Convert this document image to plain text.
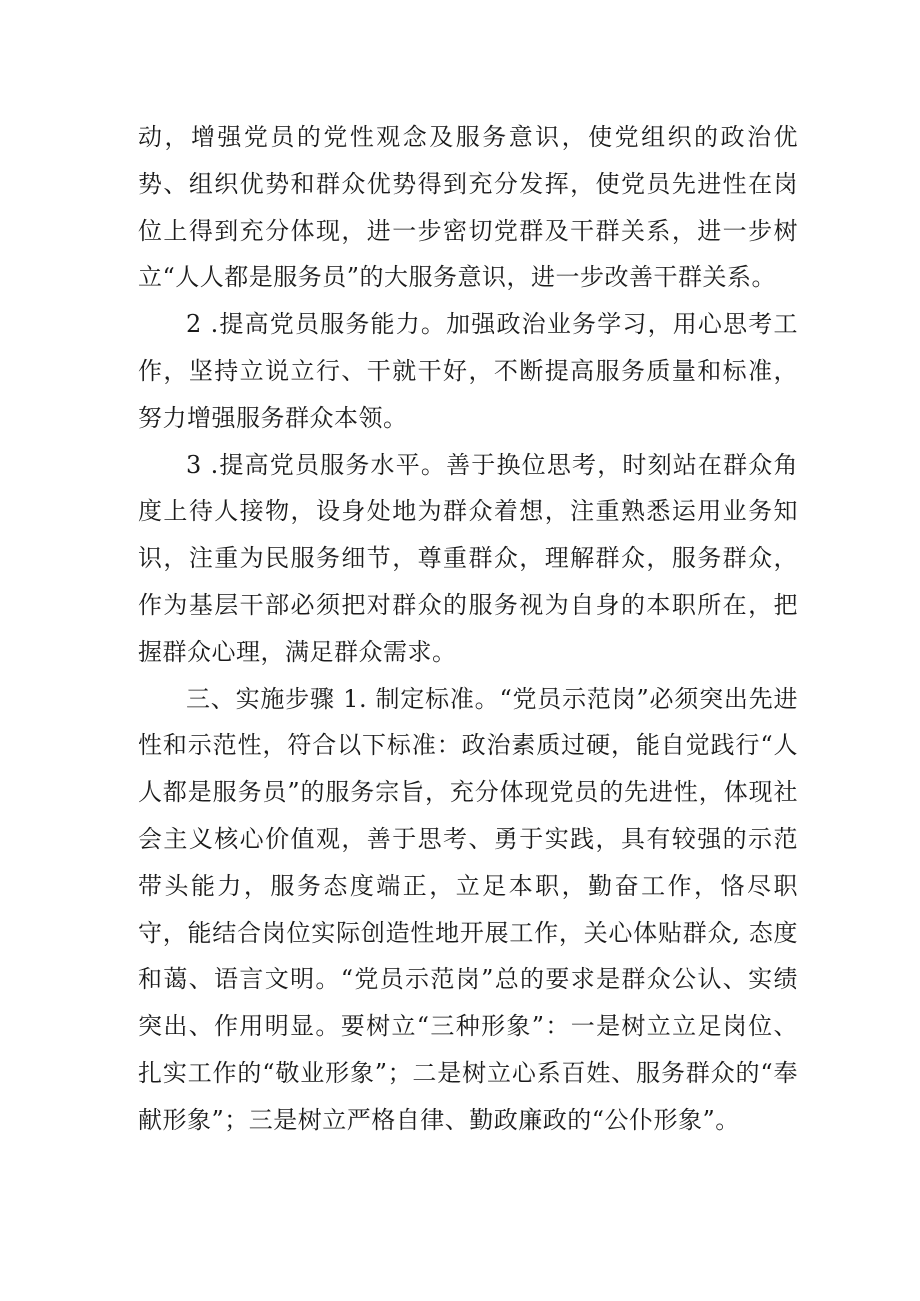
动，增强党员的党性观念及服务意识，使党组织的政治优势、组织优势和群众优势得到充分发挥，使党员先进性在岗位上得到充分体现，进一步密切党群及干群关系，进一步树立“人人都是服务员”的大服务意识，进一步改善干群关系。

2 .提高党员服务能力。加强政治业务学习，用心思考工作，坚持立说立行、干就干好，不断提高服务质量和标准，努力增强服务群众本领。

3 .提高党员服务水平。善于换位思考，时刻站在群众角度上待人接物，设身处地为群众着想，注重熟悉运用业务知识，注重为民服务细节，尊重群众，理解群众，服务群众，作为基层干部必须把对群众的服务视为自身的本职所在，把握群众心理，满足群众需求。

三、实施步骤 1. 制定标准。“党员示范岗”必须突出先进性和示范性，符合以下标准：政治素质过硬，能自觉践行“人人都是服务员”的服务宗旨，充分体现党员的先进性，体现社会主义核心价值观，善于思考、勇于实践，具有较强的示范带头能力，服务态度端正，立足本职，勤奋工作，恪尽职守，能结合岗位实际创造性地开展工作，关心体贴群众, 态度和蔼、语言文明。“党员示范岗”总的要求是群众公认、实绩突出、作用明显。要树立“三种形象”：一是树立立足岗位、扎实工作的“敬业形象”；二是树立心系百姓、服务群众的“奉献形象”；三是树立严格自律、勤政廉政的“公仆形象”。
